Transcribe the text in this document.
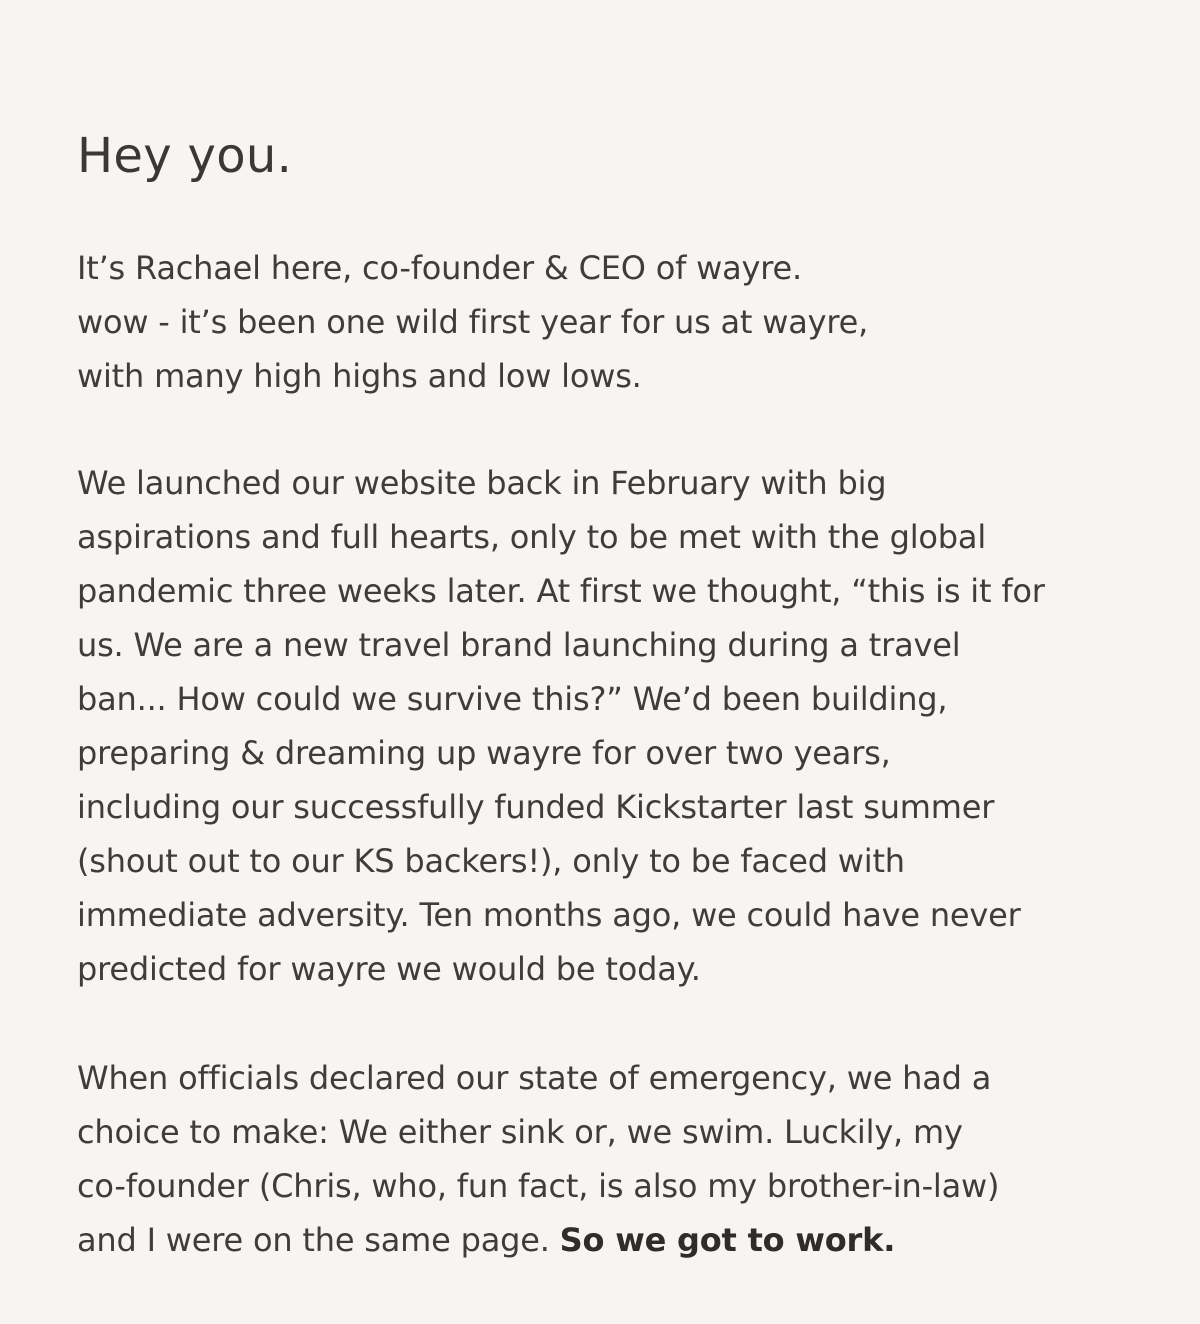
Hey you.

It’s Rachael here, co-founder & CEO of wayre.
wow - it’s been one wild first year for us at wayre,
with many high highs and low lows.

We launched our website back in February with big
aspirations and full hearts, only to be met with the global
pandemic three weeks later. At first we thought, “this is it for
us. We are a new travel brand launching during a travel
ban... How could we survive this?” We’d been building,
preparing & dreaming up wayre for over two years,
including our successfully funded Kickstarter last summer
(shout out to our KS backers!), only to be faced with
immediate adversity. Ten months ago, we could have never
predicted for wayre we would be today.

When officials declared our state of emergency, we had a
choice to make: We either sink or, we swim. Luckily, my
co-founder (Chris, who, fun fact, is also my brother-in-law)
and I were on the same page. So we got to work.
